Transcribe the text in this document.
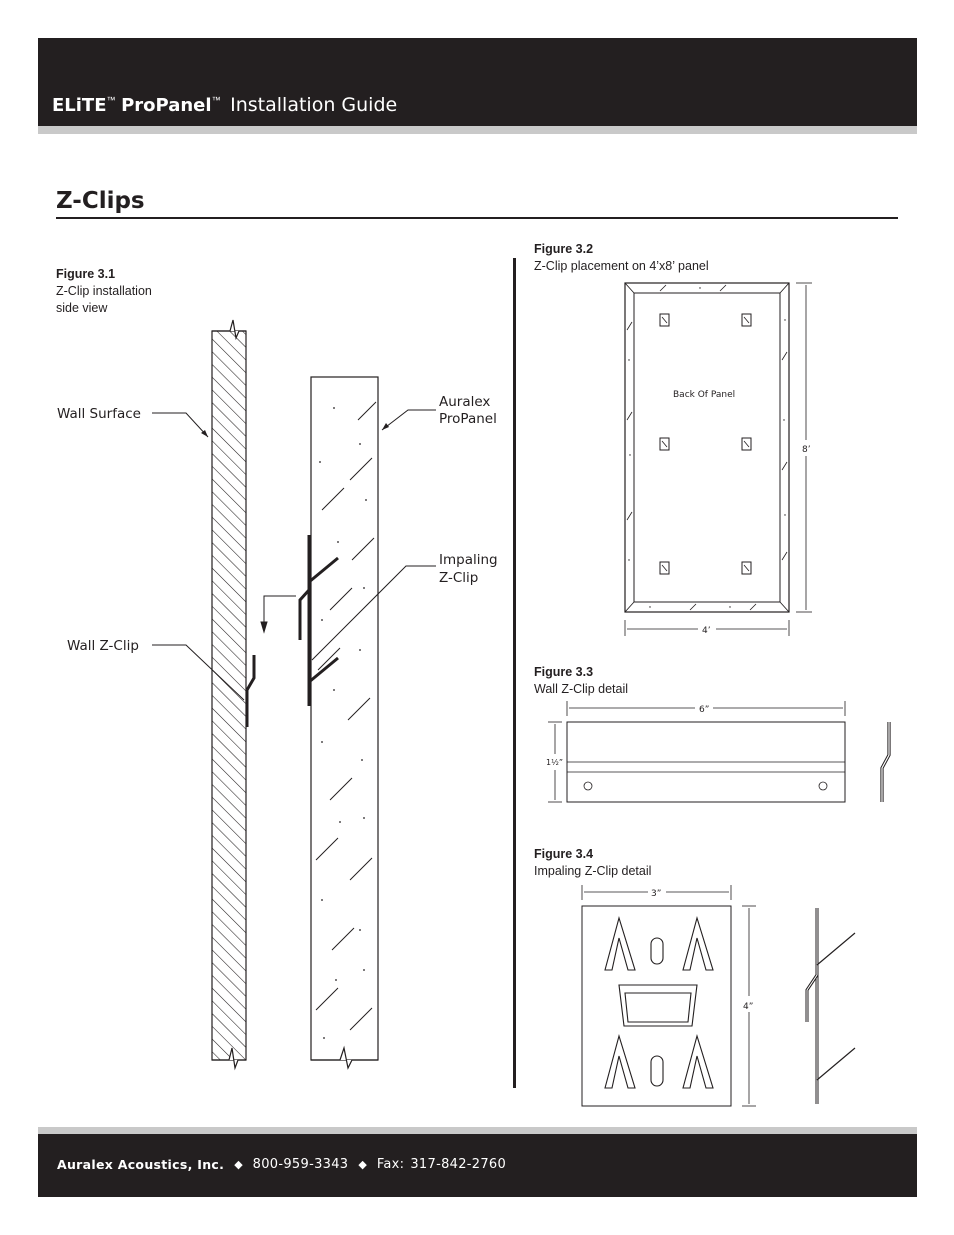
ELiTE™ ProPanel™ Installation Guide
Z-Clips
Figure 3.1
Z-Clip installation
side view
Figure 3.2
Z-Clip placement on 4’x8’ panel
Figure 3.3
Wall Z-Clip detail
Figure 3.4
Impaling Z-Clip detail
Wall Surface
Auralex
ProPanel
Impaling
Z-Clip
Wall Z-Clip
Back Of Panel
8’
4’
6”
1½”
3”
4”
Auralex Acoustics, Inc. ◆ 800-959-3343 ◆ Fax: 317-842-2760
